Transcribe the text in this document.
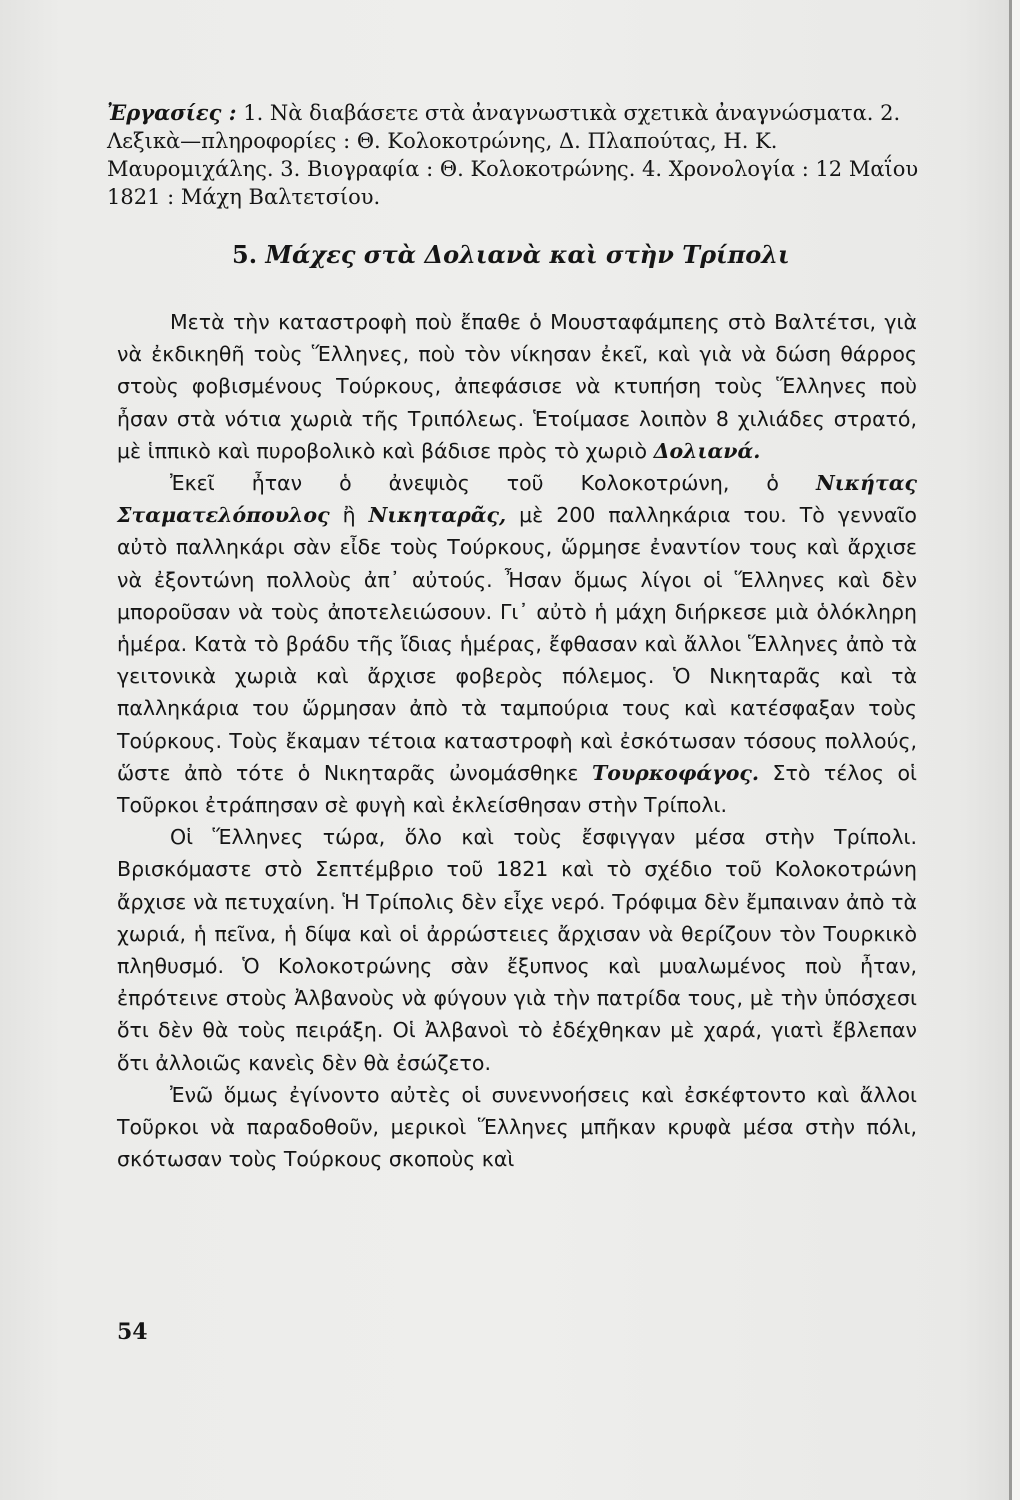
Ἐργασίες : 1. Νὰ διαβάσετε στὰ ἀναγνωστικὰ σχετικὰ ἀναγνώσματα. 2. Λεξικὰ—πληροφορίες : Θ. Κολοκοτρώνης, Δ. Πλαπούτας, Η. Κ. Μαυρομιχάλης. 3. Βιογραφία : Θ. Κολοκοτρώνης. 4. Χρονολογία : 12 Μαΐου 1821 : Μάχη Βαλτετσίου.
5. Μάχες στὰ Δολιανὰ καὶ στὴν Τρίπολι

Μετὰ τὴν καταστροφὴ ποὺ ἔπαθε ὁ Μουσταφάμπεης στὸ Βαλτέτσι, γιὰ νὰ ἐκδικηθῆ τοὺς Ἕλληνες, ποὺ τὸν νίκησαν ἐκεῖ, καὶ γιὰ νὰ δώση θάρρος στοὺς φοβισμένους Τούρκους, ἀπεφάσισε νὰ κτυπήση τοὺς Ἕλληνες ποὺ ἦσαν στὰ νότια χωριὰ τῆς Τριπόλεως. Ἑτοίμασε λοιπὸν 8 χιλιάδες στρατό, μὲ ἱππικὸ καὶ πυροβολικὸ καὶ βάδισε πρὸς τὸ χωριὸ Δολιανά.

Ἐκεῖ ἦταν ὁ ἀνεψιὸς τοῦ Κολοκοτρώνη, ὁ Νικήτας Σταματελόπουλος ἢ Νικηταρᾶς, μὲ 200 παλληκάρια του. Τὸ γενναῖο αὐτὸ παλληκάρι σὰν εἶδε τοὺς Τούρκους, ὥρμησε ἐναντίον τους καὶ ἄρχισε νὰ ἐξοντώνη πολλοὺς ἀπ᾿ αὐτούς. Ἦσαν ὅμως λίγοι οἱ Ἕλληνες καὶ δὲν μποροῦσαν νὰ τοὺς ἀποτελειώσουν. Γι᾿ αὐτὸ ἡ μάχη διήρκεσε μιὰ ὁλόκληρη ἡμέρα. Κατὰ τὸ βράδυ τῆς ἴδιας ἡμέρας, ἔφθασαν καὶ ἄλλοι Ἕλληνες ἀπὸ τὰ γειτονικὰ χωριὰ καὶ ἄρχισε φοβερὸς πόλεμος. Ὁ Νικηταρᾶς καὶ τὰ παλληκάρια του ὥρμησαν ἀπὸ τὰ ταμπούρια τους καὶ κατέσφαξαν τοὺς Τούρκους. Τοὺς ἔκαμαν τέτοια καταστροφὴ καὶ ἐσκότωσαν τόσους πολλούς, ὥστε ἀπὸ τότε ὁ Νικηταρᾶς ὠνομάσθηκε Τουρκοφάγος. Στὸ τέλος οἱ Τοῦρκοι ἐτράπησαν σὲ φυγὴ καὶ ἐκλείσθησαν στὴν Τρίπολι.

Οἱ Ἕλληνες τώρα, ὅλο καὶ τοὺς ἔσφιγγαν μέσα στὴν Τρίπολι. Βρισκόμαστε στὸ Σεπτέμβριο τοῦ 1821 καὶ τὸ σχέδιο τοῦ Κολοκοτρώνη ἄρχισε νὰ πετυχαίνη. Ἡ Τρίπολις δὲν εἶχε νερό. Τρόφιμα δὲν ἔμπαιναν ἀπὸ τὰ χωριά, ἡ πεῖνα, ἡ δίψα καὶ οἱ ἀρρώστειες ἄρχισαν νὰ θερίζουν τὸν Τουρκικὸ πληθυσμό. Ὁ Κολοκοτρώνης σὰν ἔξυπνος καὶ μυαλωμένος ποὺ ἦταν, ἐπρότεινε στοὺς Ἀλβανοὺς νὰ φύγουν γιὰ τὴν πατρίδα τους, μὲ τὴν ὑπόσχεσι ὅτι δὲν θὰ τοὺς πειράξη. Οἱ Ἀλβανοὶ τὸ ἐδέχθηκαν μὲ χαρά, γιατὶ ἔβλεπαν ὅτι ἀλλοιῶς κανεὶς δὲν θὰ ἐσώζετο.

Ἐνῶ ὅμως ἐγίνοντο αὐτὲς οἱ συνεννοήσεις καὶ ἐσκέφτοντο καὶ ἄλλοι Τοῦρκοι νὰ παραδοθοῦν, μερικοὶ Ἕλληνες μπῆκαν κρυφὰ μέσα στὴν πόλι, σκότωσαν τοὺς Τούρκους σκοποὺς καὶ

54
